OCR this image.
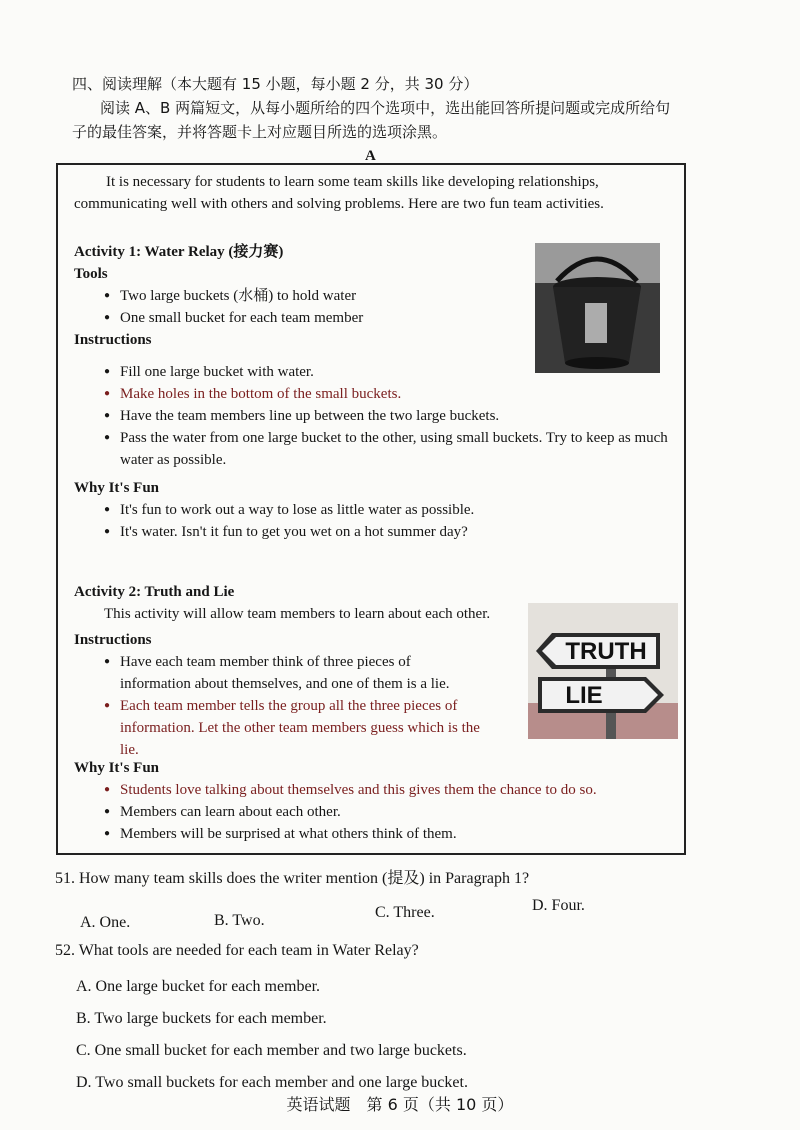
四、阅读理解（本大题有 15 小题，每小题 2 分，共 30 分）
阅读 A、B 两篇短文，从每小题所给的四个选项中，选出能回答所提问题或完成所给句
子的最佳答案，并将答题卡上对应题目所选的选项涂黑。
A
It is necessary for students to learn some team skills like developing relationships, communicating well with others and solving problems. Here are two fun team activities.
Activity 1: Water Relay (接力赛)
Tools
● Two large buckets (水桶) to hold water
● One small bucket for each team member
Instructions
● Fill one large bucket with water.
● Make holes in the bottom of the small buckets.
● Have the team members line up between the two large buckets.
● Pass the water from one large bucket to the other, using small buckets. Try to keep as much water as possible.
Why It's Fun
● It's fun to work out a way to lose as little water as possible.
● It's water. Isn't it fun to get you wet on a hot summer day?
Activity 2: Truth and Lie
This activity will allow team members to learn about each other.
Instructions
● Have each team member think of three pieces of information about themselves, and one of them is a lie.
● Each team member tells the group all the three pieces of information. Let the other team members guess which is the lie.
Why It's Fun
● Students love talking about themselves and this gives them the chance to do so.
● Members can learn about each other.
● Members will be surprised at what others think of them.
TRUTH
LIE
51. How many team skills does the writer mention (提及) in Paragraph 1?
A. One.	B. Two.	C. Three.	D. Four.
52. What tools are needed for each team in Water Relay?
A. One large bucket for each member.
B. Two large buckets for each member.
C. One small bucket for each member and two large buckets.
D. Two small buckets for each member and one large bucket.
英语试题　第 6 页（共 10 页）
